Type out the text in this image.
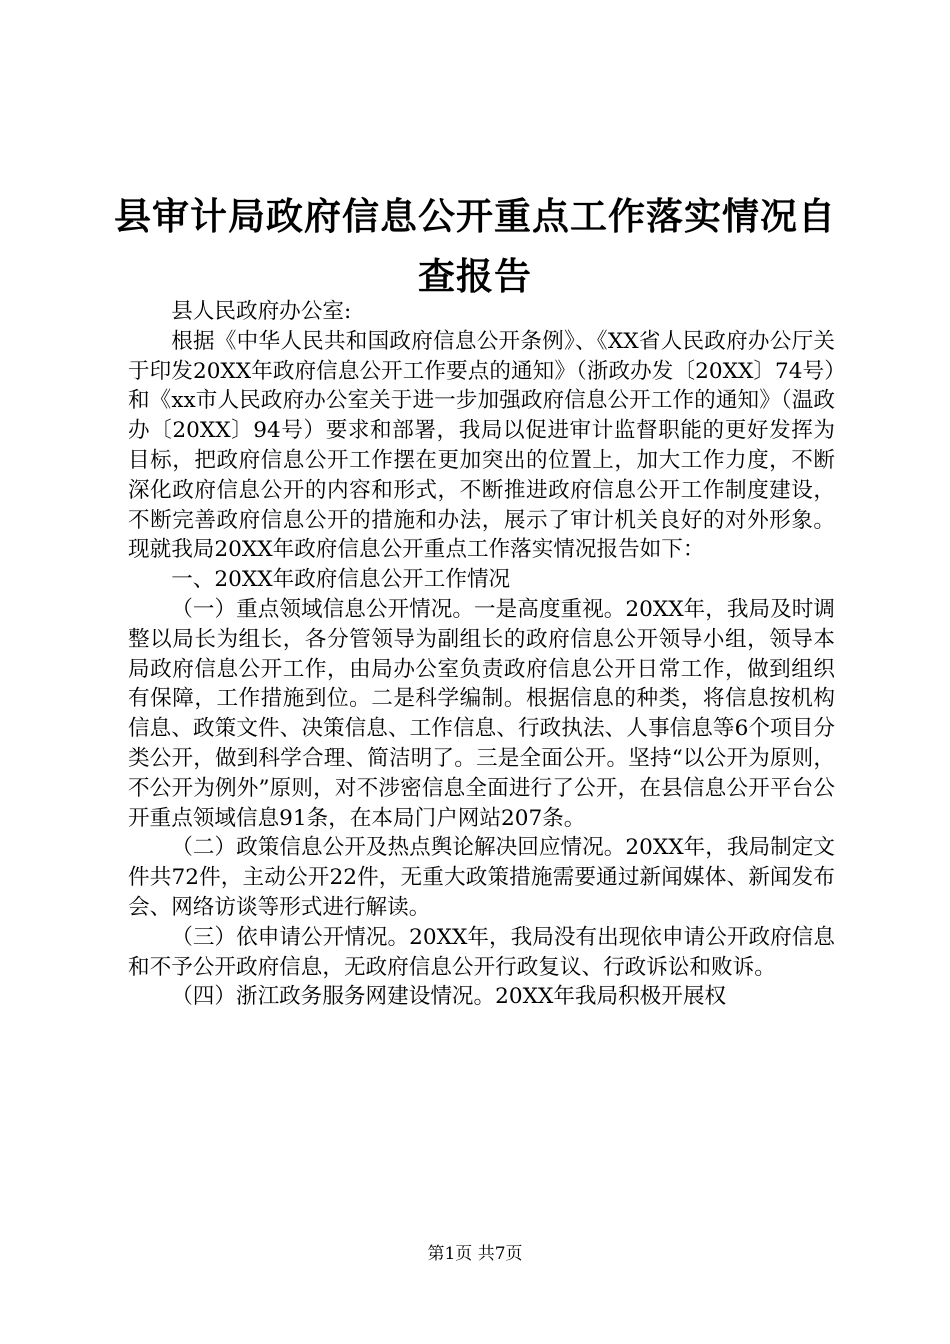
县审计局政府信息公开重点工作落实情况自查报告

县人民政府办公室:

根据《中华人民共和国政府信息公开条例》、《XX省人民政府办公厅关于印发20XX年政府信息公开工作要点的通知》（浙政办发〔20XX〕74号）和《xx市人民政府办公室关于进一步加强政府信息公开工作的通知》（温政办〔20XX〕94号）要求和部署，我局以促进审计监督职能的更好发挥为目标，把政府信息公开工作摆在更加突出的位置上，加大工作力度，不断深化政府信息公开的内容和形式，不断推进政府信息公开工作制度建设，不断完善政府信息公开的措施和办法，展示了审计机关良好的对外形象。现就我局20XX年政府信息公开重点工作落实情况报告如下：

一、20XX年政府信息公开工作情况

（一）重点领域信息公开情况。一是高度重视。20XX年，我局及时调整以局长为组长，各分管领导为副组长的政府信息公开领导小组，领导本局政府信息公开工作，由局办公室负责政府信息公开日常工作，做到组织有保障，工作措施到位。二是科学编制。根据信息的种类，将信息按机构信息、政策文件、决策信息、工作信息、行政执法、人事信息等6个项目分类公开，做到科学合理、简洁明了。三是全面公开。坚持“以公开为原则，不公开为例外”原则，对不涉密信息全面进行了公开，在县信息公开平台公开重点领域信息91条，在本局门户网站207条。

（二）政策信息公开及热点舆论解决回应情况。20XX年，我局制定文件共72件，主动公开22件，无重大政策措施需要通过新闻媒体、新闻发布会、网络访谈等形式进行解读。

（三）依申请公开情况。20XX年，我局没有出现依申请公开政府信息和不予公开政府信息，无政府信息公开行政复议、行政诉讼和败诉。

（四）浙江政务服务网建设情况。20XX年我局积极开展权

第1页 共7页
